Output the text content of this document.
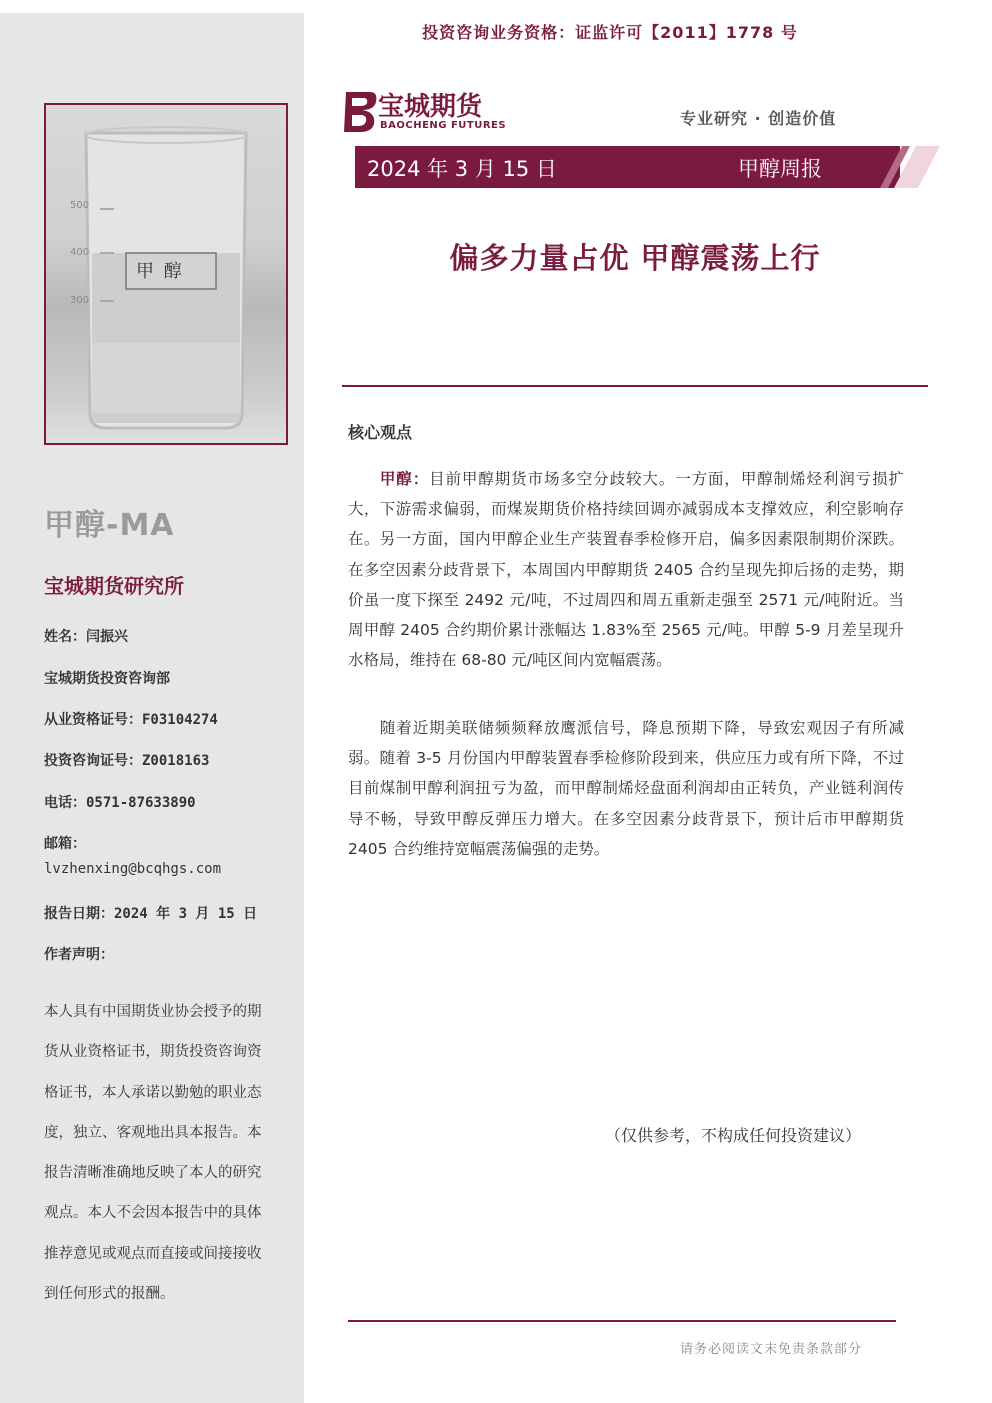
投资咨询业务资格：证监许可【2011】1778 号
甲 醇
500
400
300
甲醇-MA
宝城期货研究所
姓名：闫振兴
宝城期货投资咨询部
从业资格证号：F03104274
投资咨询证号：Z0018163
电话：0571-87633890
邮箱：
lvzhenxing@bcqhgs.com
报告日期：2024 年 3 月 15 日
作者声明：
本人具有中国期货业协会授予的期货从业资格证书，期货投资咨询资格证书，本人承诺以勤勉的职业态度，独立、客观地出具本报告。本报告清晰准确地反映了本人的研究观点。本人不会因本报告中的具体推荐意见或观点而直接或间接接收到任何形式的报酬。
宝城期货
BAOCHENG FUTURES	专业研究 · 创造价值
2024 年 3 月 15 日	甲醇周报
偏多力量占优 甲醇震荡上行
核心观点

甲醇：目前甲醇期货市场多空分歧较大。一方面，甲醇制烯烃利润亏损扩大，下游需求偏弱，而煤炭期货价格持续回调亦减弱成本支撑效应，利空影响存在。另一方面，国内甲醇企业生产装置春季检修开启，偏多因素限制期价深跌。在多空因素分歧背景下，本周国内甲醇期货 2405 合约呈现先抑后扬的走势，期价虽一度下探至 2492 元/吨，不过周四和周五重新走强至 2571 元/吨附近。当周甲醇 2405 合约期价累计涨幅达 1.83%至 2565 元/吨。甲醇 5-9 月差呈现升水格局，维持在 68-80 元/吨区间内宽幅震荡。

随着近期美联储频频释放鹰派信号，降息预期下降，导致宏观因子有所减弱。随着 3-5 月份国内甲醇装置春季检修阶段到来，供应压力或有所下降，不过目前煤制甲醇利润扭亏为盈，而甲醇制烯烃盘面利润却由正转负，产业链利润传导不畅，导致甲醇反弹压力增大。在多空因素分歧背景下，预计后市甲醇期货 2405 合约维持宽幅震荡偏强的走势。

（仅供参考，不构成任何投资建议）
请务必阅读文末免责条款部分
